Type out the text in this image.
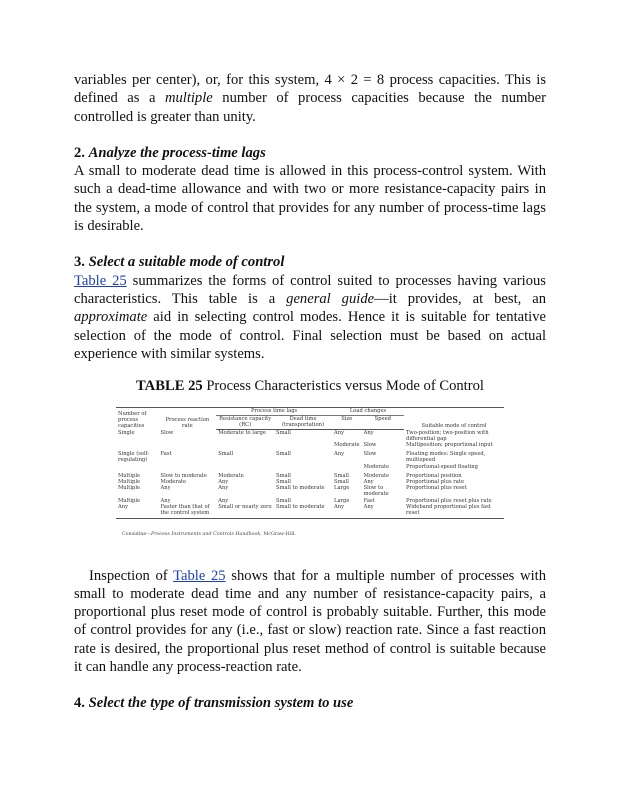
variables per center), or, for this system, 4 × 2 = 8 process capacities. This is defined as a multiple number of process capacities because the number controlled is greater than unity.

2. Analyze the process-time lags

A small to moderate dead time is allowed in this process-control system. With such a dead-time allowance and with two or more resistance-capacity pairs in the system, a mode of control that provides for any number of process-time lags is desirable.

3. Select a suitable mode of control

Table 25 summarizes the forms of control suited to processes having various characteristics. This table is a general guide—it provides, at best, an approximate aid in selecting control modes. Hence it is suitable for tentative selection of the mode of control. Final selection must be based on actual experience with similar systems.

TABLE 25 Process Characteristics versus Mode of Control
Number of process capacities	Process reaction rate	Process time lags		Load changes		Suitable mode of control
		Resistance capacity (RC)	Dead time (transportation)	Size	Speed	
Single	Slow	Moderate to large	Small	Any	Any	Two-position; two-position with differential gap
				Moderate	Slow	Multiposition; proportional input
Single (self-regulating)	Fast	Small	Small	Any	Slow	Floating modes: Single speed, multispeed
					Moderate	Proportional-speed floating
Multiple	Slow to moderate	Moderate	Small	Small	Moderate	Proportional position
Multiple	Moderate	Any	Small	Small	Any	Proportional plus rate
Multiple	Any	Any	Small to moderate	Large	Slow to moderate	Proportional plus reset
Multiple	Any	Any	Small	Large	Fast	Proportional plus reset plus rate
Any	Faster than that of the control system	Small or nearly zero	Small to moderate	Any	Any	Wideband proportional plus fast reset
Considine—Process Instruments and Controls Handbook, McGraw-Hill.

Inspection of Table 25 shows that for a multiple number of processes with small to moderate dead time and any number of resistance-capacity pairs, a proportional plus reset mode of control is probably suitable. Further, this mode of control provides for any (i.e., fast or slow) reaction rate. Since a fast reaction rate is desired, the proportional plus reset method of control is suitable because it can handle any process-reaction rate.

4. Select the type of transmission system to use
